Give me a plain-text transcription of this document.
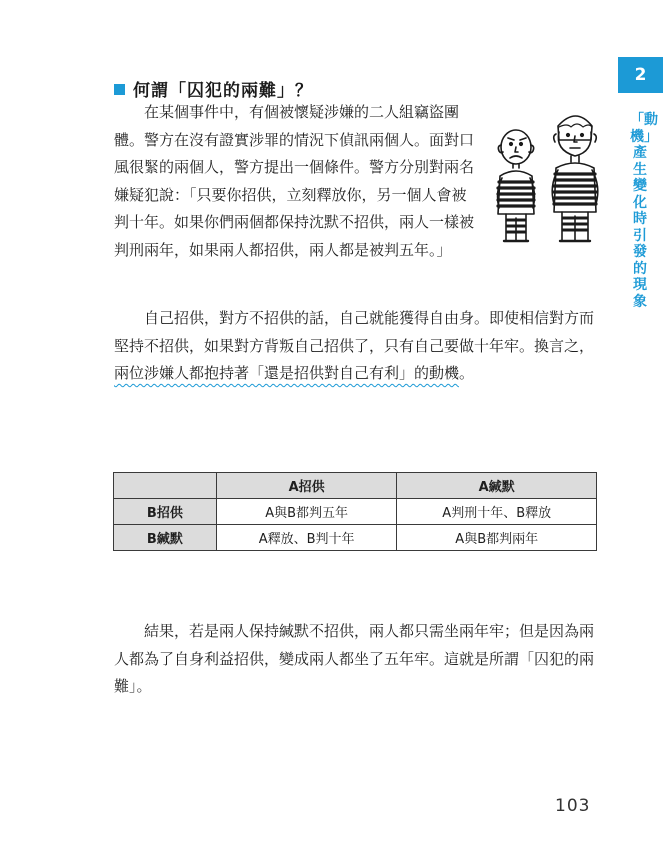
何謂「囚犯的兩難」？

在某個事件中，有個被懷疑涉嫌的二人組竊盜團體。警方在沒有證實涉罪的情況下偵訊兩個人。面對口風很緊的兩個人，警方提出一個條件。警方分別對兩名嫌疑犯說：「只要你招供，立刻釋放你，另一個人會被判十年。如果你們兩個都保持沈默不招供，兩人一樣被判刑兩年，如果兩人都招供，兩人都是被判五年。」

自己招供，對方不招供的話，自己就能獲得自由身。即使相信對方而堅持不招供，如果對方背叛自己招供了，只有自己要做十年牢。換言之，兩位涉嫌人都抱持著「還是招供對自己有利」的動機。

	A招供	A緘默
B招供	A與B都判五年	A判刑十年、B釋放
B緘默	A釋放、B判十年	A與B都判兩年

結果，若是兩人保持緘默不招供，兩人都只需坐兩年牢；但是因為兩人都為了自身利益招供，變成兩人都坐了五年牢。這就是所謂「囚犯的兩難」。

2
「動機」產生變化時引發的現象
103
